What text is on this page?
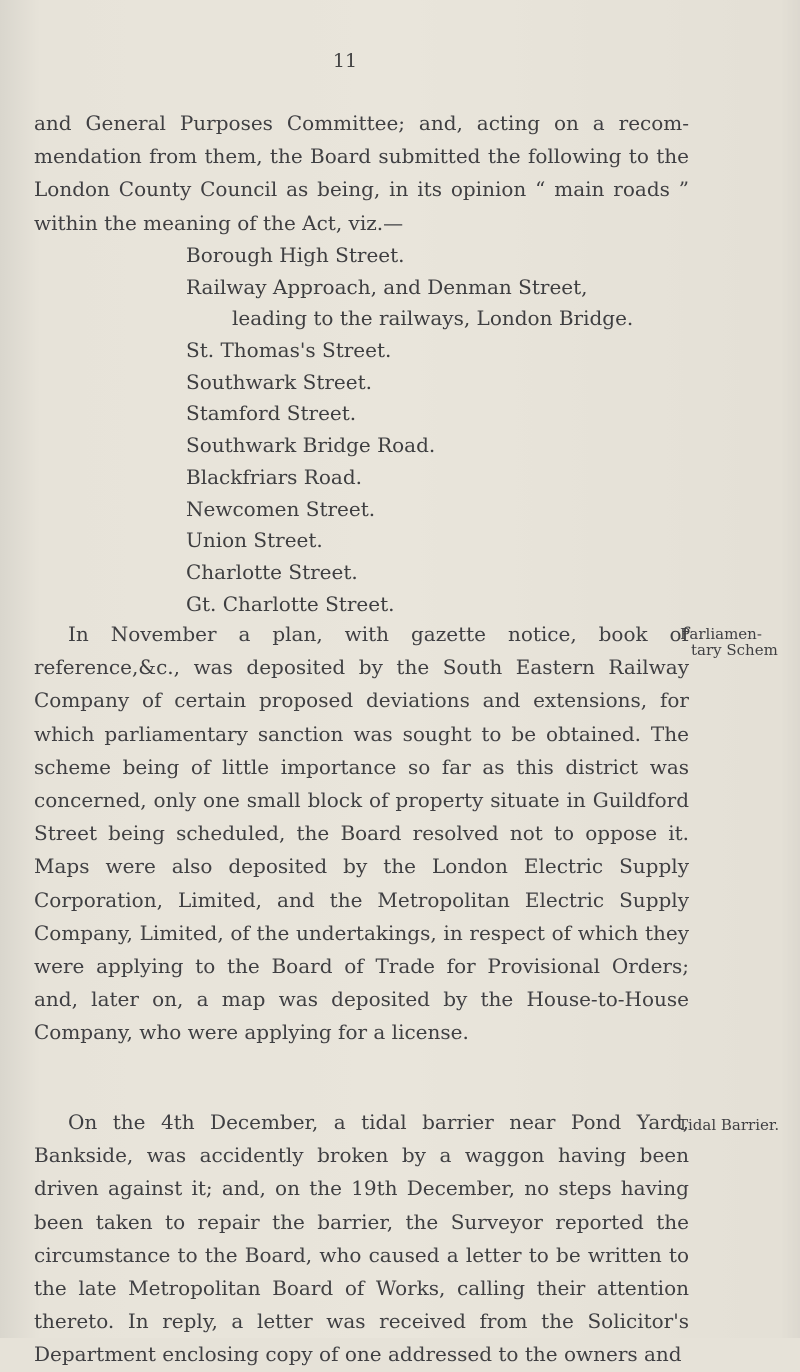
11

and General Purposes Committee; and, acting on a recommendation from them, the Board submitted the following to the London County Council as being, in its opinion “ main roads ” within the meaning of the Act, viz.—

Borough High Street.
Railway Approach, and Denman Street,
leading to the railways, London Bridge.
St. Thomas's Street.
Southwark Street.
Stamford Street.
Southwark Bridge Road.
Blackfriars Road.
Newcomen Street.
Union Street.
Charlotte Street.
Gt. Charlotte Street.

In November a plan, with gazette notice, book of reference,&c., was deposited by the South Eastern Railway Company of certain proposed deviations and extensions, for which parliamentary sanction was sought to be obtained. The scheme being of little importance so far as this district was concerned, only one small block of property situate in Guildford Street being scheduled, the Board resolved not to oppose it. Maps were also deposited by the London Electric Supply Corporation, Limited, and the Metropolitan Electric Supply Company, Limited, of the undertakings, in respect of which they were applying to the Board of Trade for Provisional Orders; and, later on, a map was deposited by the House-to-House Company, who were applying for a license.

Parliamen-
tary Schem

On the 4th December, a tidal barrier near Pond Yard, Bankside, was accidently broken by a waggon having been driven against it; and, on the 19th December, no steps having been taken to repair the barrier, the Surveyor reported the circumstance to the Board, who caused a letter to be written to the late Metropolitan Board of Works, calling their attention thereto. In reply, a letter was received from the Solicitor's Department enclosing copy of one addressed to the owners and

Tidal Barrier.
